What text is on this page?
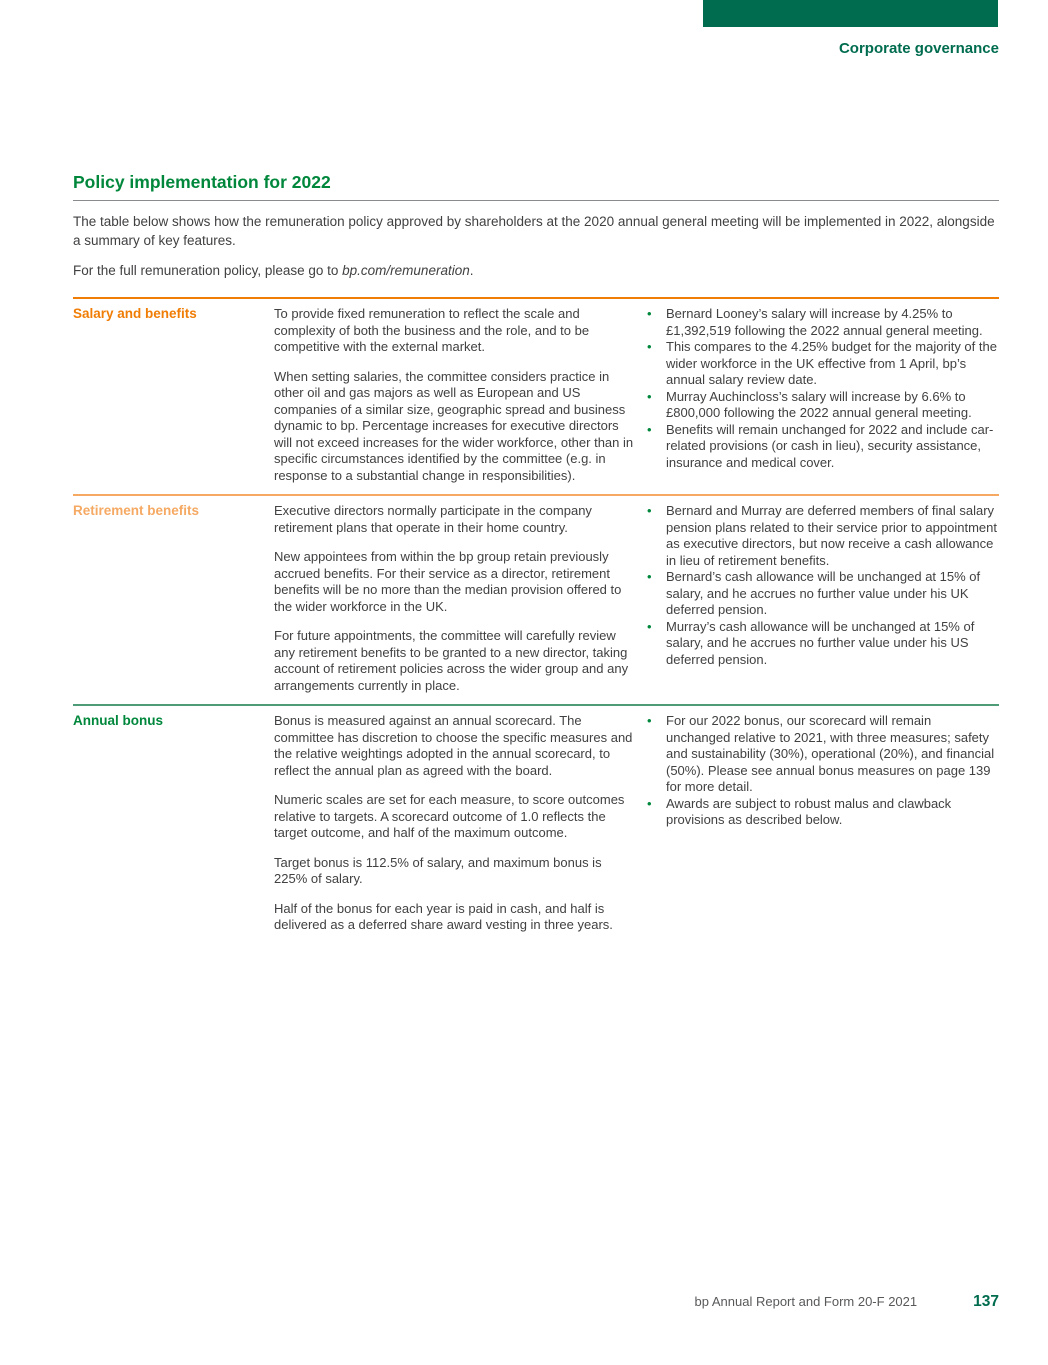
Corporate governance
Policy implementation for 2022

The table below shows how the remuneration policy approved by shareholders at the 2020 annual general meeting will be implemented in 2022, alongside a summary of key features.

For the full remuneration policy, please go to bp.com/remuneration.

Salary and benefits	To provide fixed remuneration to reflect the scale and complexity of both the business and the role, and to be competitive with the external market.

When setting salaries, the committee considers practice in other oil and gas majors as well as European and US companies of a similar size, geographic spread and business dynamic to bp. Percentage increases for executive directors will not exceed increases for the wider workforce, other than in specific circumstances identified by the committee (e.g. in response to a substantial change in responsibilities).

• Bernard Looney’s salary will increase by 4.25% to £1,392,519 following the 2022 annual general meeting.
• This compares to the 4.25% budget for the majority of the wider workforce in the UK effective from 1 April, bp’s annual salary review date.
• Murray Auchincloss’s salary will increase by 6.6% to £800,000 following the 2022 annual general meeting.
• Benefits will remain unchanged for 2022 and include car-related provisions (or cash in lieu), security assistance, insurance and medical cover.
Retirement benefits	Executive directors normally participate in the company retirement plans that operate in their home country.

New appointees from within the bp group retain previously accrued benefits. For their service as a director, retirement benefits will be no more than the median provision offered to the wider workforce in the UK.

For future appointments, the committee will carefully review any retirement benefits to be granted to a new director, taking account of retirement policies across the wider group and any arrangements currently in place.

• Bernard and Murray are deferred members of final salary pension plans related to their service prior to appointment as executive directors, but now receive a cash allowance in lieu of retirement benefits.
• Bernard’s cash allowance will be unchanged at 15% of salary, and he accrues no further value under his UK deferred pension.
• Murray’s cash allowance will be unchanged at 15% of salary, and he accrues no further value under his US deferred pension.
Annual bonus	Bonus is measured against an annual scorecard. The committee has discretion to choose the specific measures and the relative weightings adopted in the annual scorecard, to reflect the annual plan as agreed with the board.

Numeric scales are set for each measure, to score outcomes relative to targets. A scorecard outcome of 1.0 reflects the target outcome, and half of the maximum outcome.

Target bonus is 112.5% of salary, and maximum bonus is 225% of salary.

Half of the bonus for each year is paid in cash, and half is delivered as a deferred share award vesting in three years.

• For our 2022 bonus, our scorecard will remain unchanged relative to 2021, with three measures; safety and sustainability (30%), operational (20%), and financial (50%). Please see annual bonus measures on page 139 for more detail.
• Awards are subject to robust malus and clawback provisions as described below.
bp Annual Report and Form 20-F 2021	137
